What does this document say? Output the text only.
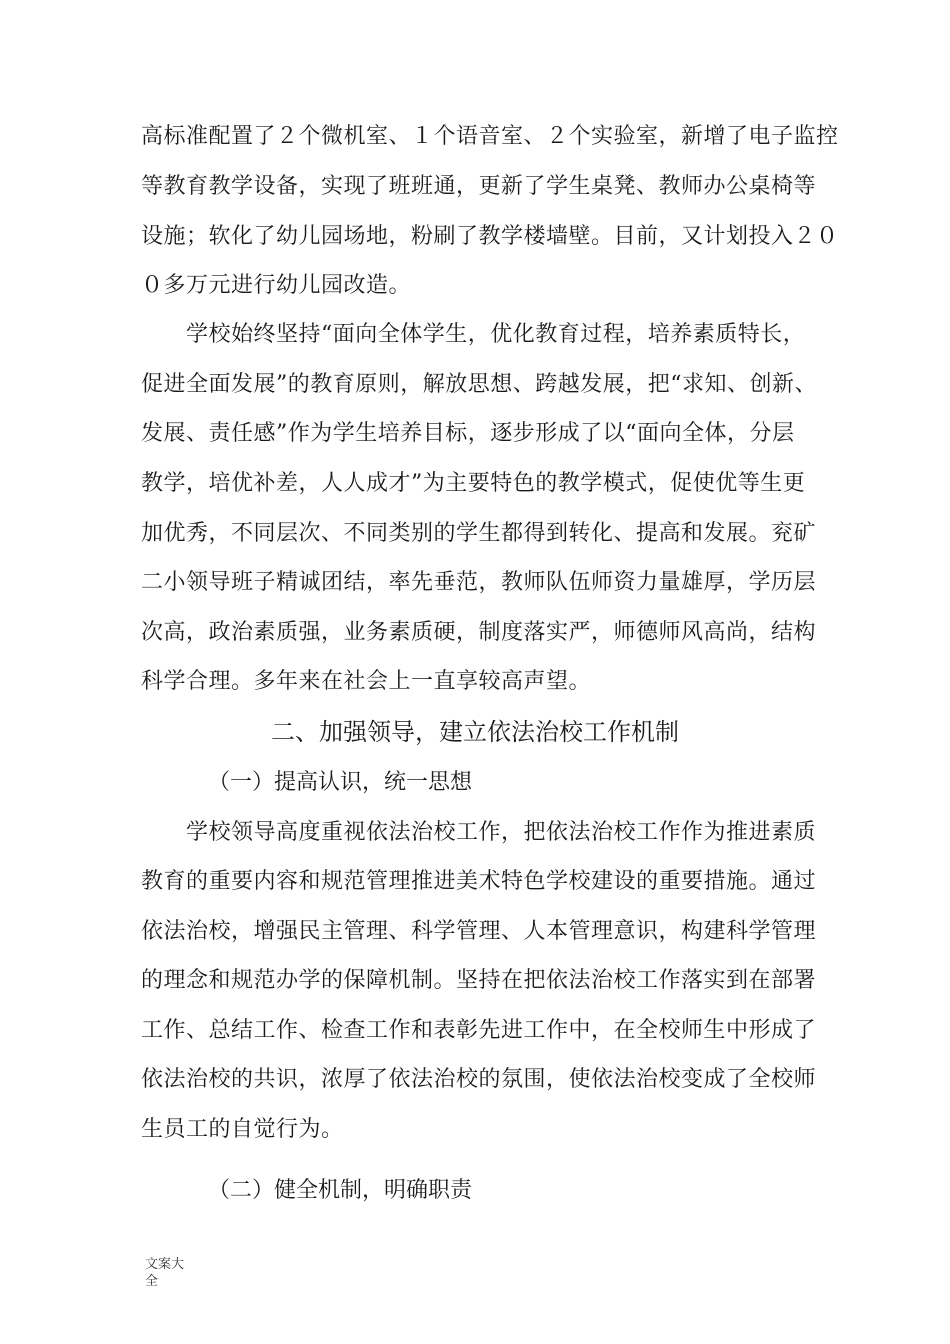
高标准配置了２个微机室、１个语音室、２个实验室，新增了电子监控
等教育教学设备，实现了班班通，更新了学生桌凳、教师办公桌椅等
设施；软化了幼儿园场地，粉刷了教学楼墙壁。目前，又计划投入２０
０多万元进行幼儿园改造。
学校始终坚持“面向全体学生，优化教育过程，培养素质特长，
促进全面发展”的教育原则，解放思想、跨越发展，把“求知、创新、
发展、责任感”作为学生培养目标，逐步形成了以“面向全体，分层
教学，培优补差，人人成才”为主要特色的教学模式，促使优等生更
加优秀，不同层次、不同类别的学生都得到转化、提高和发展。兖矿
二小领导班子精诚团结，率先垂范，教师队伍师资力量雄厚，学历层
次高，政治素质强，业务素质硬，制度落实严，师德师风高尚，结构
科学合理。多年来在社会上一直享较高声望。
二、加强领导，建立依法治校工作机制
（一）提高认识，统一思想
学校领导高度重视依法治校工作，把依法治校工作作为推进素质
教育的重要内容和规范管理推进美术特色学校建设的重要措施。通过
依法治校，增强民主管理、科学管理、人本管理意识，构建科学管理
的理念和规范办学的保障机制。坚持在把依法治校工作落实到在部署
工作、总结工作、检查工作和表彰先进工作中，在全校师生中形成了
依法治校的共识，浓厚了依法治校的氛围，使依法治校变成了全校师
生员工的自觉行为。
（二）健全机制，明确职责
文案大
全
